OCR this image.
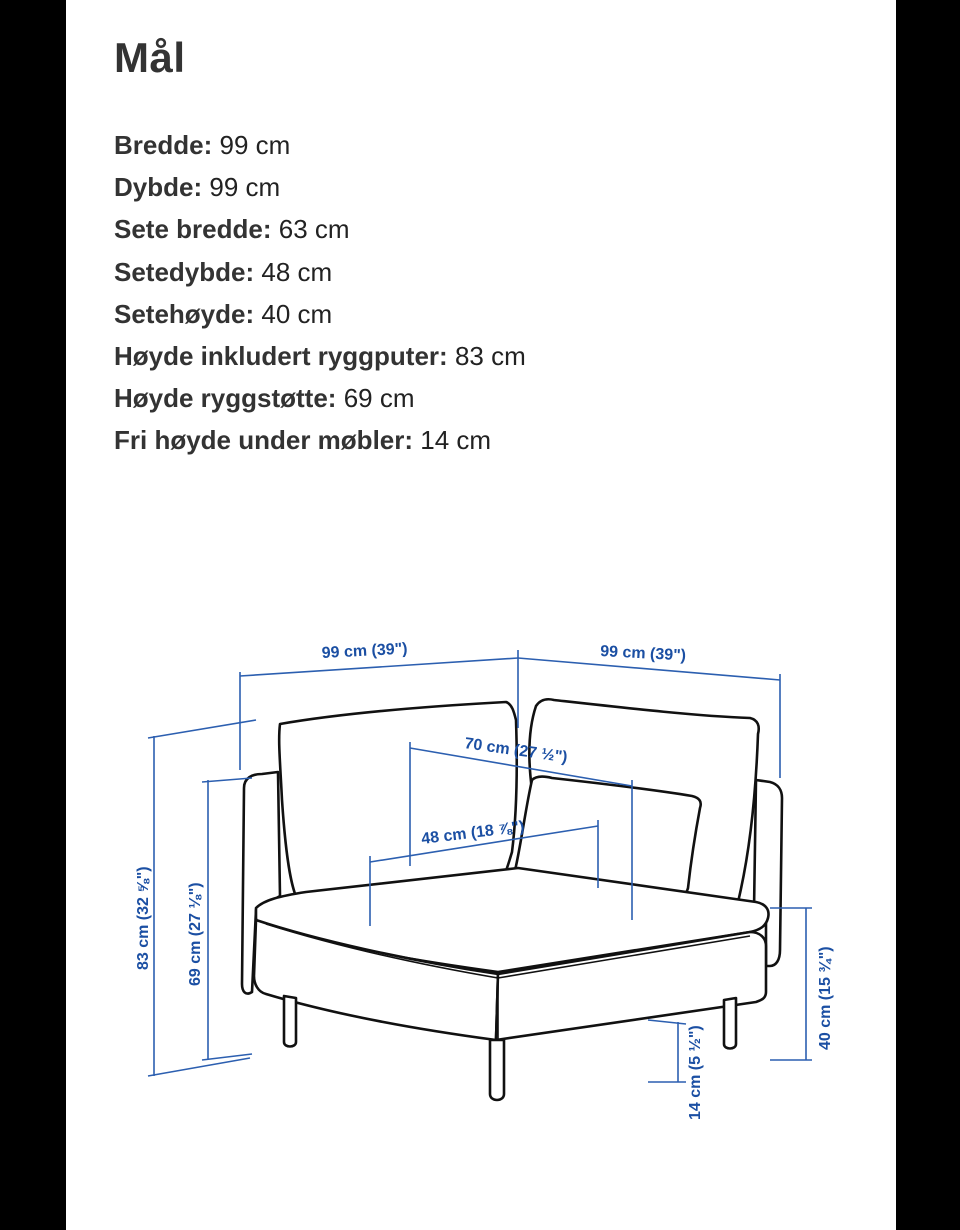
Mål
Bredde: 99 cm
Dybde: 99 cm
Sete bredde: 63 cm
Setedybde: 48 cm
Setehøyde: 40 cm
Høyde inkludert ryggputer: 83 cm
Høyde ryggstøtte: 69 cm
Fri høyde under møbler: 14 cm
99 cm (39")	99 cm (39")
70 cm (27 ½")
48 cm (18 ⅞")
83 cm (32 ⅝") 69 cm (27 ⅛")
40 cm (15 ¾")
14 cm (5 ½")
